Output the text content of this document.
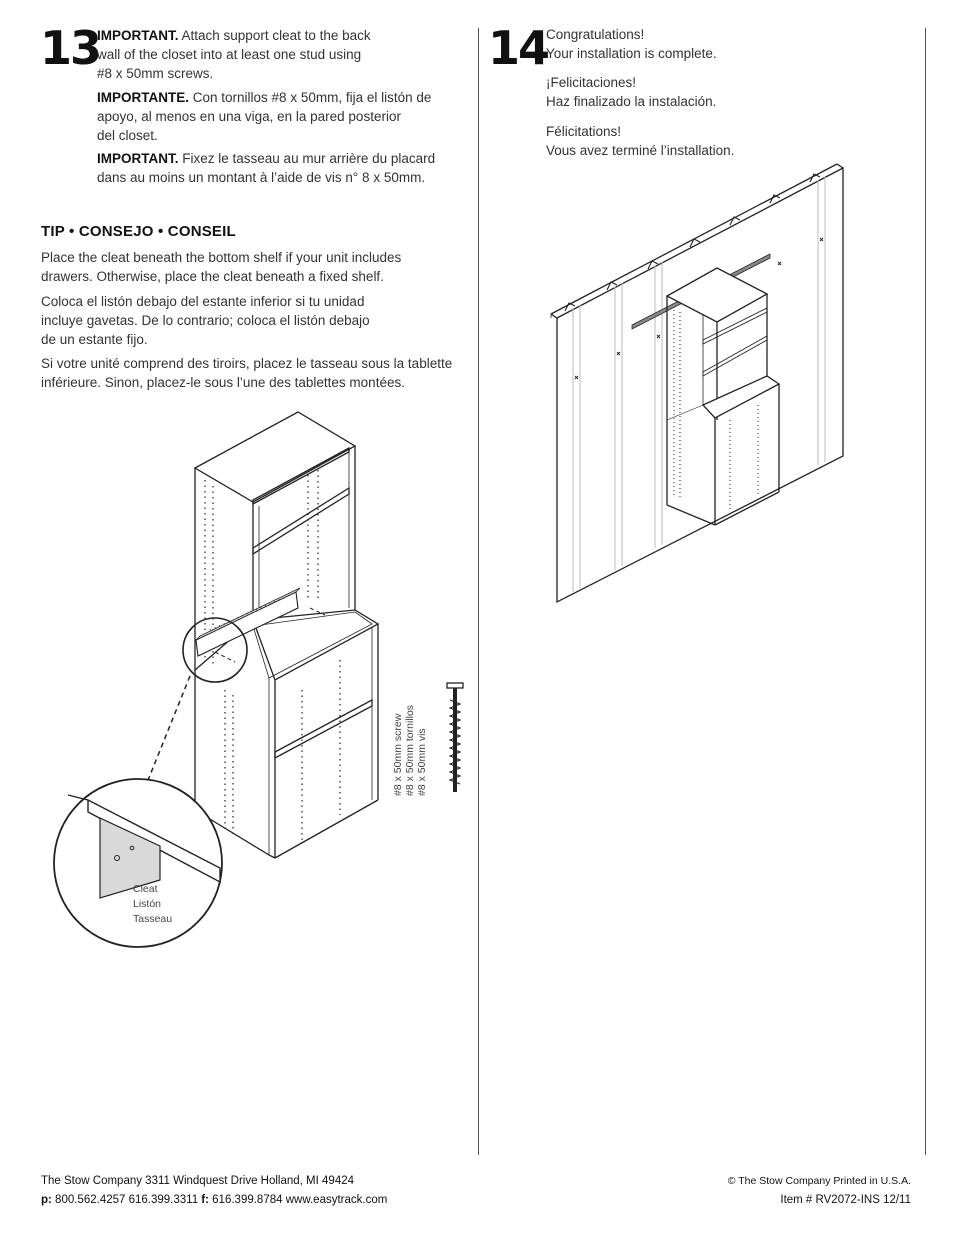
13
IMPORTANT. Attach support cleat to the back
wall of the closet into at least one stud using
#8 x 50mm screws.
IMPORTANTE. Con tornillos #8 x 50mm, fija el listón de
apoyo, al menos en una viga, en la pared posterior
del closet.
IMPORTANT. Fixez le tasseau au mur arrière du placard
dans au moins un montant à l’aide de vis n° 8 x 50mm.
TIP • CONSEJO • CONSEIL
Place the cleat beneath the bottom shelf if your unit includes
drawers. Otherwise, place the cleat beneath a fixed shelf.
Coloca el listón debajo del estante inferior si tu unidad
incluye gavetas. De lo contrario; coloca el listón debajo
de un estante fijo.
Si votre unité comprend des tiroirs, placez le tasseau sous la tablette
inférieure. Sinon, placez-le sous l’une des tablettes montées.
#8 x 50mm screw #8 x 50mm tornillos #8 x 50mm vis
Cleat
Listón
Tasseau
14
Congratulations!
Your installation is complete.
¡Felicitaciones!
Haz finalizado la instalación.
Félicitations!
Vous avez terminé l’installation.
The Stow Company 3311 Windquest Drive Holland, MI 49424
p: 800.562.4257 616.399.3311 f: 616.399.8784 www.easytrack.com
© The Stow Company Printed in U.S.A.
Item # RV2072-INS 12/11
